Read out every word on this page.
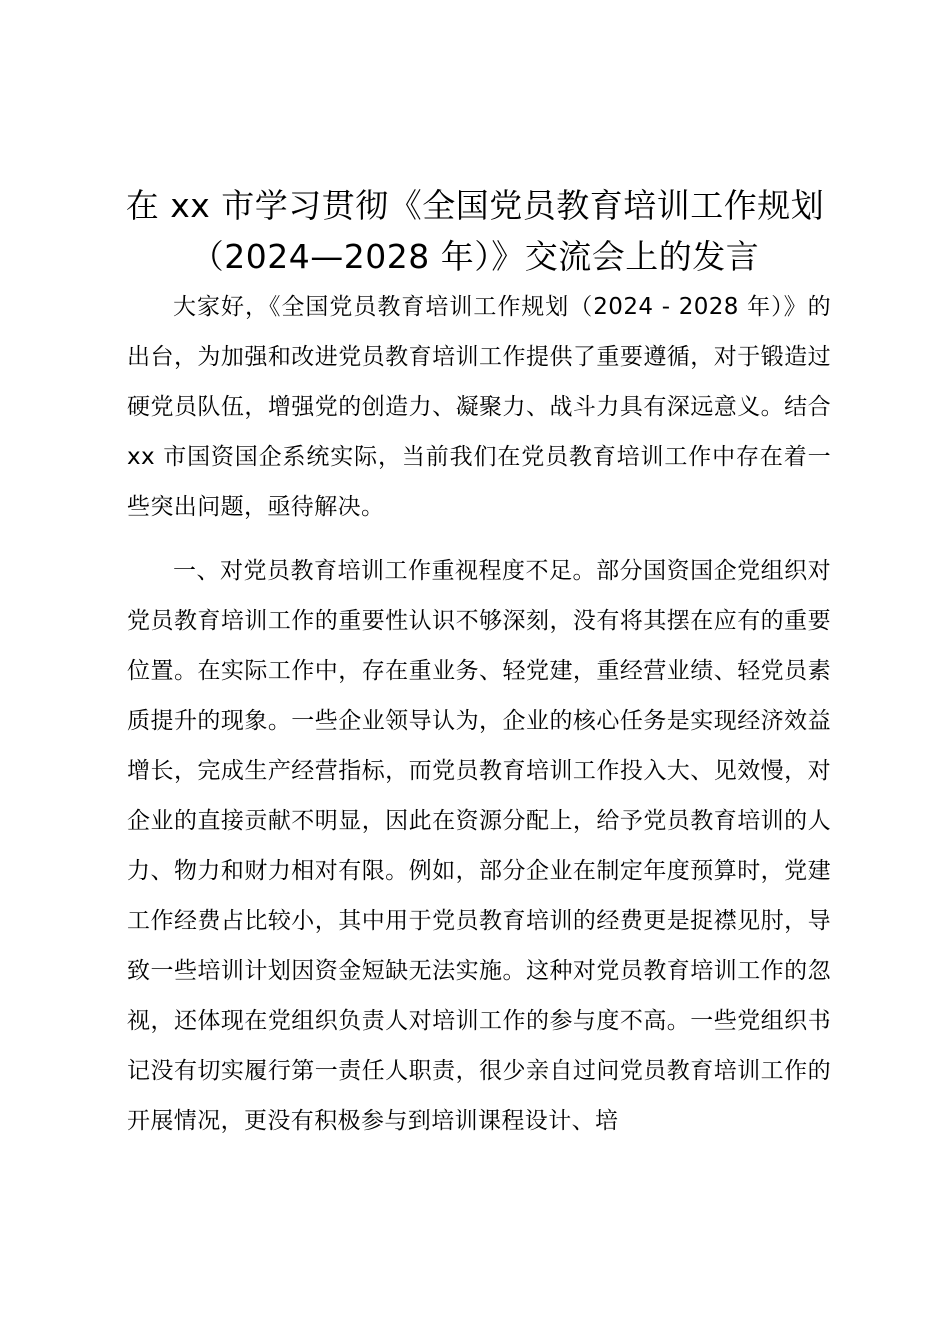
在 xx 市学习贯彻《全国党员教育培训工作规划（2024—2028 年）》交流会上的发言

大家好，《全国党员教育培训工作规划（2024 - 2028 年）》的出台，为加强和改进党员教育培训工作提供了重要遵循，对于锻造过硬党员队伍，增强党的创造力、凝聚力、战斗力具有深远意义。结合 xx 市国资国企系统实际，当前我们在党员教育培训工作中存在着一些突出问题，亟待解决。

一、对党员教育培训工作重视程度不足。部分国资国企党组织对党员教育培训工作的重要性认识不够深刻，没有将其摆在应有的重要位置。在实际工作中，存在重业务、轻党建，重经营业绩、轻党员素质提升的现象。一些企业领导认为，企业的核心任务是实现经济效益增长，完成生产经营指标，而党员教育培训工作投入大、见效慢，对企业的直接贡献不明显，因此在资源分配上，给予党员教育培训的人力、物力和财力相对有限。例如，部分企业在制定年度预算时，党建工作经费占比较小，其中用于党员教育培训的经费更是捉襟见肘，导致一些培训计划因资金短缺无法实施。这种对党员教育培训工作的忽视，还体现在党组织负责人对培训工作的参与度不高。一些党组织书记没有切实履行第一责任人职责，很少亲自过问党员教育培训工作的开展情况，更没有积极参与到培训课程设计、培
